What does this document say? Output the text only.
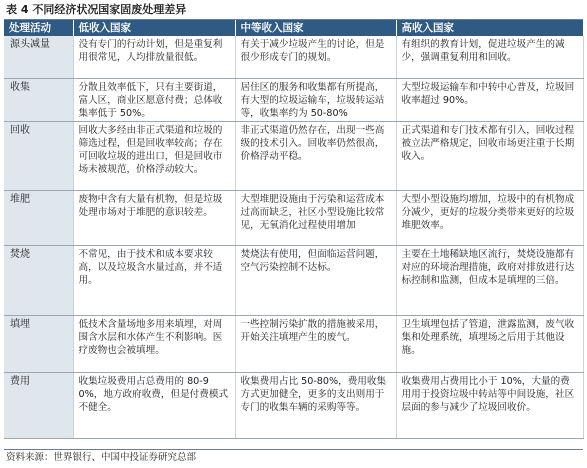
表 4 不同经济状况国家固废处理差异
处理活动	低收入国家	中等收入国家	高收入国家
源头减量	没有专门的行动计划，但是重复利用很常见，人均排放量很低。	有关于减少垃圾产生的讨论，但是很少形成专门的规划。	有组织的教育计划，促进垃圾产生的减少，强调重复利用和回收。
收集	分散且效率低下，只有主要街道，富人区，商业区愿意付费；总体收集率低于 50%。	居住区的服务和收集都有所提高，有大型的垃圾运输车，垃圾转运站等，收集率约为 50-80%	大型垃圾运输车和中转中心普及，垃圾回收率超过 90%。
回收	回收大多经由非正式渠道和垃圾的筛选过程，但是回收率较高；存在可回收垃圾的进出口，但是回收市场未被规范，价格浮动较大。	非正式渠道仍然存在，出现一些高级的技术引入。回收率仍然很高，价格浮动平稳。	正式渠道和专门技术都有引入，回收过程被立法严格规定，回收市场更注重于长期收入。
堆肥	废物中含有大量有机物，但是垃圾处理市场对于堆肥的意识较差。	大型堆肥设施由于污染和运营成本过高而缺乏，社区小型设施比较常见，无氧消化过程使用增加	大型小型设施均增加，垃圾中的有机物成分减少，更好的垃圾分类带来更好的垃圾堆肥效率。
焚烧	不常见，由于技术和成本要求较高，以及垃圾含水量过高，并不适用。	焚烧法有使用，但面临运营问题，空气污染控制不达标。	主要在土地稀缺地区流行，焚烧设施都有对应的环境治理措施，政府对排放进行达标控制和监测，但成本是填埋的三倍。
填埋	低技术含量场地多用来填埋，对周围含水层和水体产生不利影响。医疗废物也会被填埋。	一些控制污染扩散的措施被采用，开始关注填埋产生的废气。	卫生填埋包括了管道，泄露监测，废气收集和处理系统，填埋场之后用于其他设施。
费用	收集垃圾费用占总费用的 80-90%，地方政府收费，但是付费模式不健全。	收集费用占比 50-80%，费用收集方式更加健全，更多的支出则用于专门的收集车辆的采购等等。	收集费用占费用比小于 10%，大量的费用用于投资垃圾中转站等中间设施，社区层面的参与减少了垃圾回收价。
资料来源：世界银行、中国中投证券研究总部
